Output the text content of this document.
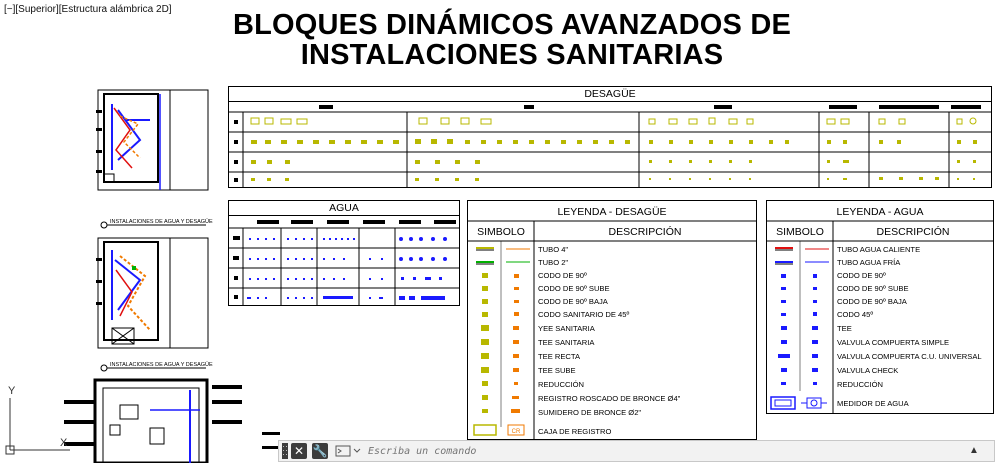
[−][Superior][Estructura alámbrica 2D] BLOQUES DINÁMICOS AVANZADOS DE
INSTALACIONES SANITARIAS
INSTALACIONES DE AGUA Y DESAGÜE
INSTALACIONES DE AGUA Y DESAGÜE
Y
X
DESAGÜE
AGUA	LEYENDA - DESAGÜE
SIMBOLO	DESCRIPCIÓN
TUBO 4"
TUBO 2"
CODO DE 90º
CODO DE 90º SUBE
CODO DE 90º BAJA
CODO SANITARIO DE 45º
YEE SANITARIA
TEE SANITARIA
TEE RECTA
TEE SUBE
REDUCCIÓN
REGISTRO ROSCADO DE BRONCE Ø4"
SUMIDERO DE BRONCE Ø2"
CAJA DE REGISTRO
CR
LEYENDA - AGUA
SIMBOLO	DESCRIPCIÓN
TUBO AGUA CALIENTE
TUBO AGUA FRÍA
CODO DE 90º
CODO DE 90º SUBE
CODO DE 90º BAJA
CODO 45º
TEE
VALVULA COMPUERTA SIMPLE
VALVULA COMPUERTA C.U. UNIVERSAL
VALVULA CHECK
REDUCCIÓN
MEDIDOR DE AGUA
✕ 🔧
Escriba un comando	▲
